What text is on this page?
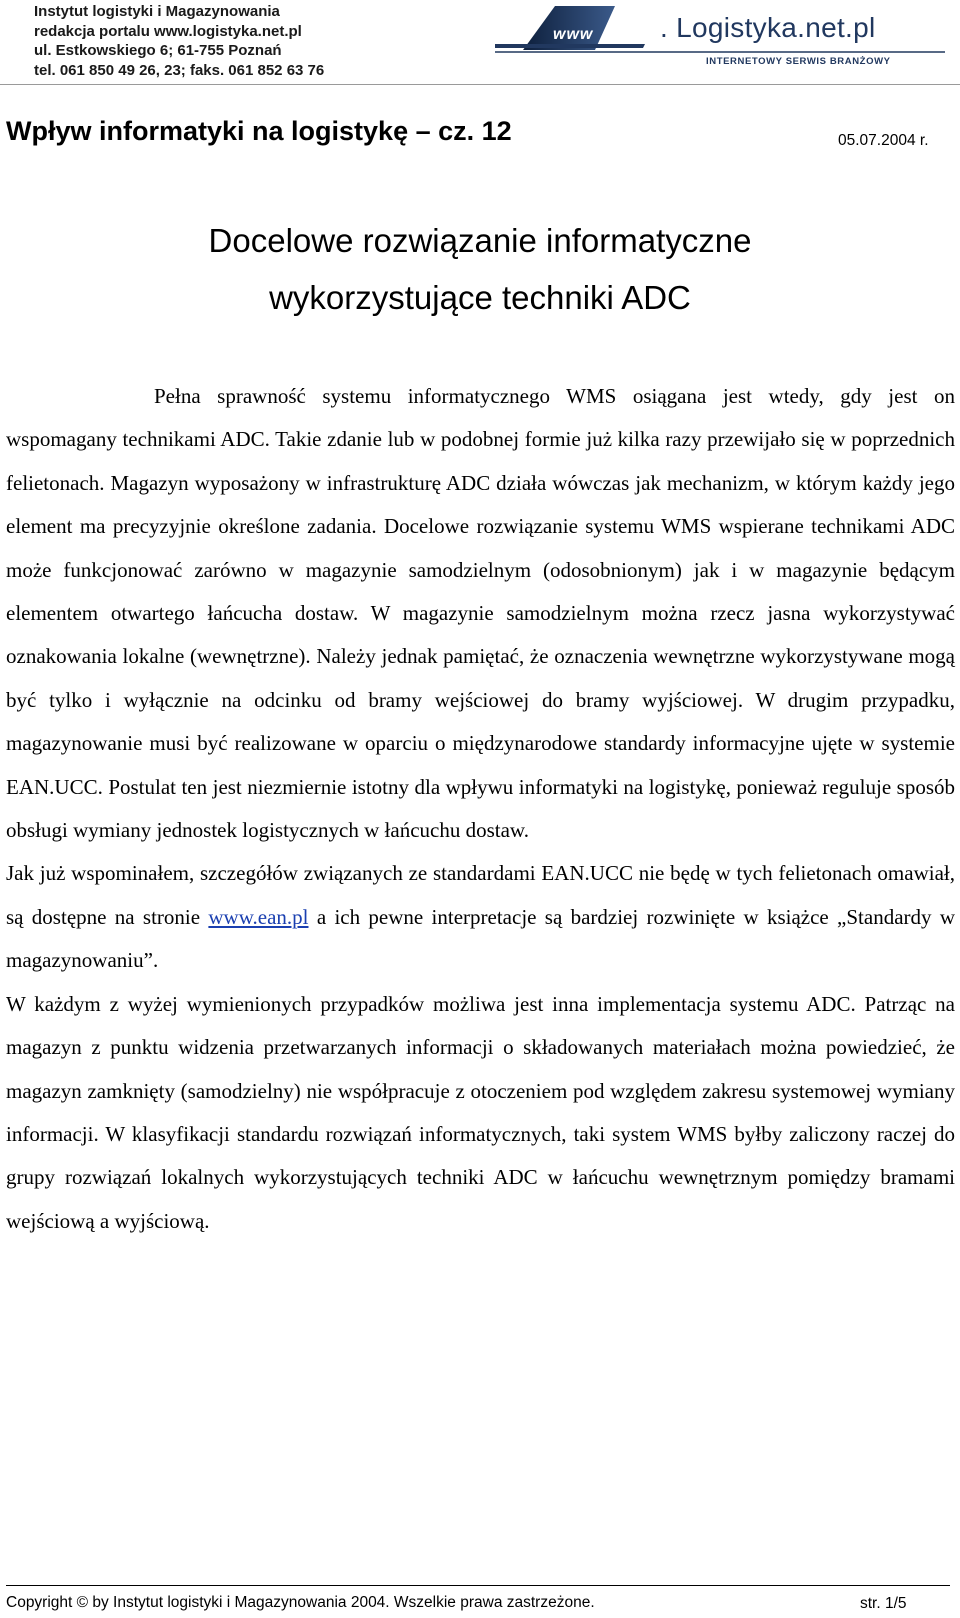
Instytut logistyki i Magazynowania
redakcja portalu www.logistyka.net.pl
ul. Estkowskiego 6; 61-755 Poznań
tel. 061 850 49 26, 23; faks. 061 852 63 76
www . Logistyka.net.pl
INTERNETOWY SERWIS BRANŻOWY
Wpływ informatyki na logistykę – cz. 12	05.07.2004 r.
Docelowe rozwiązanie informatyczne
wykorzystujące techniki ADC

Pełna sprawność systemu informatycznego WMS osiągana jest wtedy, gdy jest on wspomagany technikami ADC. Takie zdanie lub w podobnej formie już kilka razy przewijało się w poprzednich felietonach. Magazyn wyposażony w infrastrukturę ADC działa wówczas jak mechanizm, w którym każdy jego element ma precyzyjnie określone zadania. Docelowe rozwiązanie systemu WMS wspierane technikami ADC może funkcjonować zarówno w magazynie samodzielnym (odosobnionym) jak i w magazynie będącym elementem otwartego łańcucha dostaw. W magazynie samodzielnym można rzecz jasna wykorzystywać oznakowania lokalne (wewnętrzne). Należy jednak pamiętać, że oznaczenia wewnętrzne wykorzystywane mogą być tylko i wyłącznie na odcinku od bramy wejściowej do bramy wyjściowej. W drugim przypadku, magazynowanie musi być realizowane w oparciu o międzynarodowe standardy informacyjne ujęte w systemie EAN.UCC. Postulat ten jest niezmiernie istotny dla wpływu informatyki na logistykę, ponieważ reguluje sposób obsługi wymiany jednostek logistycznych w łańcuchu dostaw.

Jak już wspominałem, szczegółów związanych ze standardami EAN.UCC nie będę w tych felietonach omawiał, są dostępne na stronie www.ean.pl a ich pewne interpretacje są bardziej rozwinięte w książce „Standardy w magazynowaniu”.

W każdym z wyżej wymienionych przypadków możliwa jest inna implementacja systemu ADC. Patrząc na magazyn z punktu widzenia przetwarzanych informacji o składowanych materiałach można powiedzieć, że magazyn zamknięty (samodzielny) nie współpracuje z otoczeniem pod względem zakresu systemowej wymiany informacji. W klasyfikacji standardu rozwiązań informatycznych, taki system WMS byłby zaliczony raczej do grupy rozwiązań lokalnych wykorzystujących techniki ADC w łańcuchu wewnętrznym pomiędzy bramami wejściową a wyjściową.

Copyright © by Instytut logistyki i Magazynowania 2004. Wszelkie prawa zastrzeżone.	str. 1/5
